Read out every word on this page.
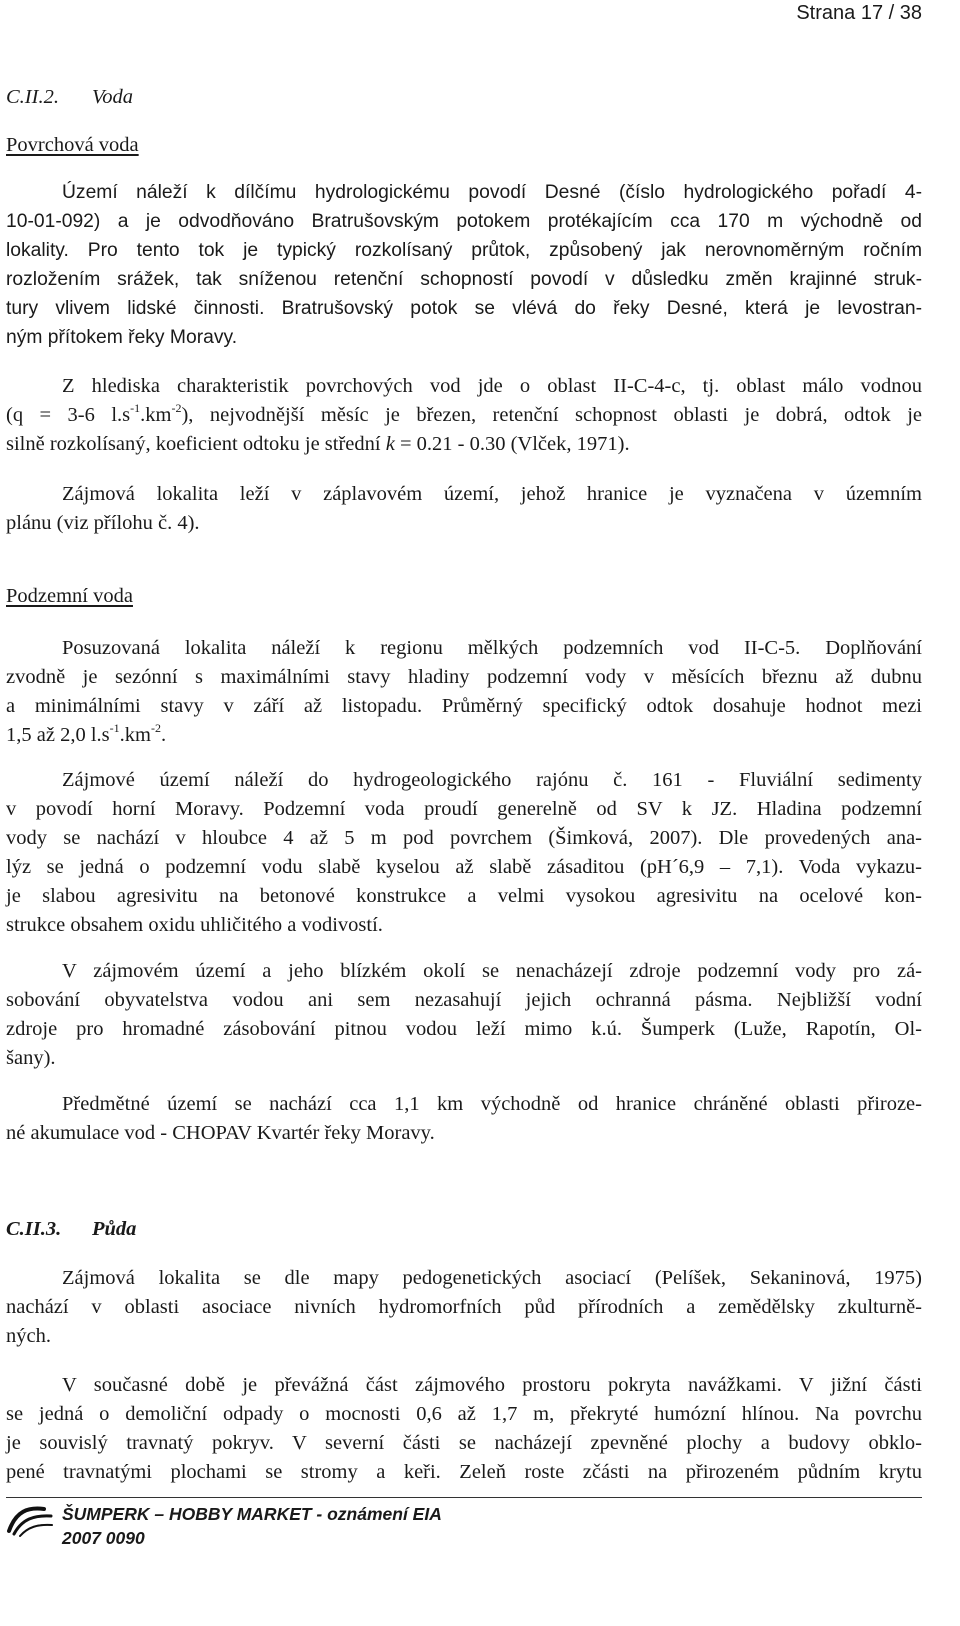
Strana 17 / 38
C.II.2. Voda
Povrchová voda
Území náleží k dílčímu hydrologickému povodí Desné (číslo hydrologického pořadí 4-
10-01-092) a je odvodňováno Bratrušovským potokem protékajícím cca 170 m východně od
lokality. Pro tento tok je typický rozkolísaný průtok, způsobený jak nerovnoměrným ročním
rozložením srážek, tak sníženou retenční schopností povodí v důsledku změn krajinné struk-
tury vlivem lidské činnosti. Bratrušovský potok se vlévá do řeky Desné, která je levostran-
ným přítokem řeky Moravy.
Z hlediska charakteristik povrchových vod jde o oblast II-C-4-c, tj. oblast málo vodnou
(q = 3-6 $l.s^{-1}.km^{-2}$), nejvodnější měsíc je březen, retenční schopnost oblasti je dobrá, odtok je
silně rozkolísaný, koeficient odtoku je střední k = 0.21 - 0.30 (Vlček, 1971).
Zájmová lokalita leží v záplavovém území, jehož hranice je vyznačena v územním
plánu (viz přílohu č. 4).
Podzemní voda
Posuzovaná lokalita náleží k regionu mělkých podzemních vod II-C-5. Doplňování
zvodně je sezónní s maximálními stavy hladiny podzemní vody v měsících březnu až dubnu
a minimálními stavy v září až listopadu. Průměrný specifický odtok dosahuje hodnot mezi
1,5 až 2,0 $l.s^{-1}.km^{-2}$.
Zájmové území náleží do hydrogeologického rajónu č. 161 - Fluviální sedimenty
v povodí horní Moravy. Podzemní voda proudí generelně od SV k JZ. Hladina podzemní
vody se nachází v hloubce 4 až 5 m pod povrchem (Šimková, 2007). Dle provedených ana-
lýz se jedná o podzemní vodu slabě kyselou až slabě zásaditou (pH´6,9 – 7,1). Voda vykazu-
je slabou agresivitu na betonové konstrukce a velmi vysokou agresivitu na ocelové kon-
strukce obsahem oxidu uhličitého a vodivostí.
V zájmovém území a jeho blízkém okolí se nenacházejí zdroje podzemní vody pro zá-
sobování obyvatelstva vodou ani sem nezasahují jejich ochranná pásma. Nejbližší vodní
zdroje pro hromadné zásobování pitnou vodou leží mimo k.ú. Šumperk (Luže, Rapotín, Ol-
šany).
Předmětné území se nachází cca 1,1 km východně od hranice chráněné oblasti přiroze-
né akumulace vod - CHOPAV Kvartér řeky Moravy.
C.II.3. Půda
Zájmová lokalita se dle mapy pedogenetických asociací (Pelíšek, Sekaninová, 1975)
nachází v oblasti asociace nivních hydromorfních půd přírodních a zemědělsky zkulturně-
ných.
V současné době je převážná část zájmového prostoru pokryta navážkami. V jižní části
se jedná o demoliční odpady o mocnosti 0,6 až 1,7 m, překryté humózní hlínou. Na povrchu
je souvislý travnatý pokryv. V severní části se nacházejí zpevněné plochy a budovy obklo-
pené travnatými plochami se stromy a keři. Zeleň roste zčásti na přirozeném půdním krytu
ŠUMPERK – HOBBY MARKET - oznámení EIA
2007 0090
